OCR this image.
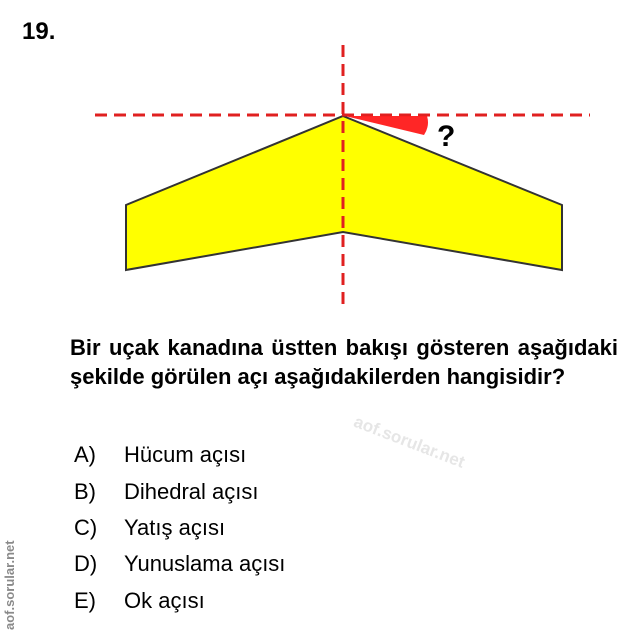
19.
?
aof.sorular.net
Bir uçak kanadına üstten bakışı gösteren aşağıdaki şekilde görülen açı aşağıdakilerden hangisidir?
A) Hücum açısı
B) Dihedral açısı
C) Yatış açısı
D) Yunuslama açısı
E) Ok açısı
aof.sorular.net
